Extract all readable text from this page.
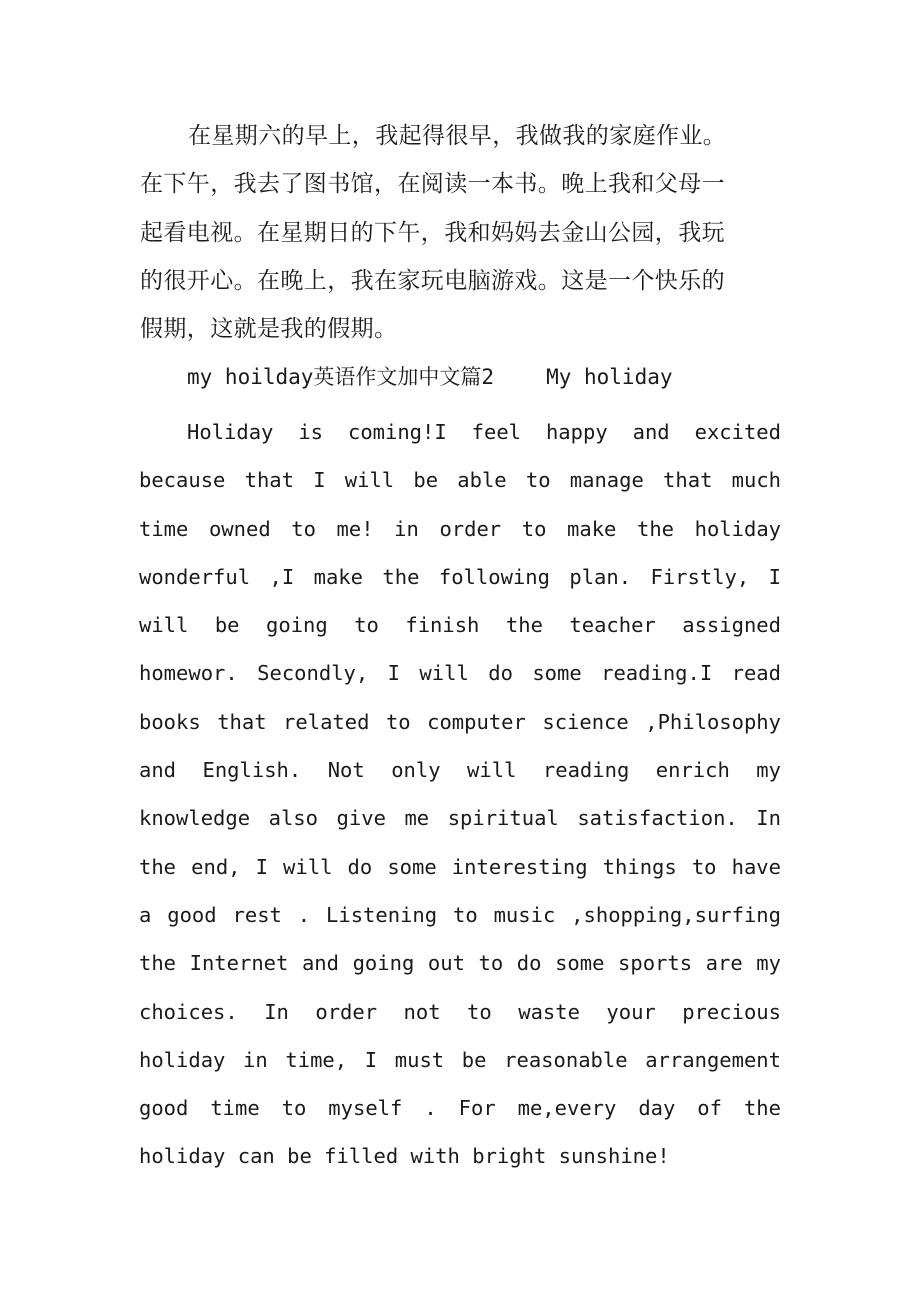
在星期六的早上，我起得很早，我做我的家庭作业。
在下午，我去了图书馆，在阅读一本书。晚上我和父母一
起看电视。在星期日的下午，我和妈妈去金山公园，我玩
的很开心。在晚上，我在家玩电脑游戏。这是一个快乐的
假期，这就是我的假期。

my hoilday英语作文加中文篇2 My holiday
Holiday is coming!I feel happy and excited
because that I will be able to manage that much
time owned to me! in order to make the holiday
wonderful ,I make the following plan. Firstly, I
will be going to finish the teacher assigned
homewor. Secondly, I will do some reading.I read
books that related to computer science ,Philosophy
and English. Not only will reading enrich my
knowledge also give me spiritual satisfaction. In
the end, I will do some interesting things to have
a good rest . Listening to music ,shopping,surfing
the Internet and going out to do some sports are my
choices. In order not to waste your precious
holiday in time, I must be reasonable arrangement
good time to myself . For me,every day of the
holiday can be filled with bright sunshine!
